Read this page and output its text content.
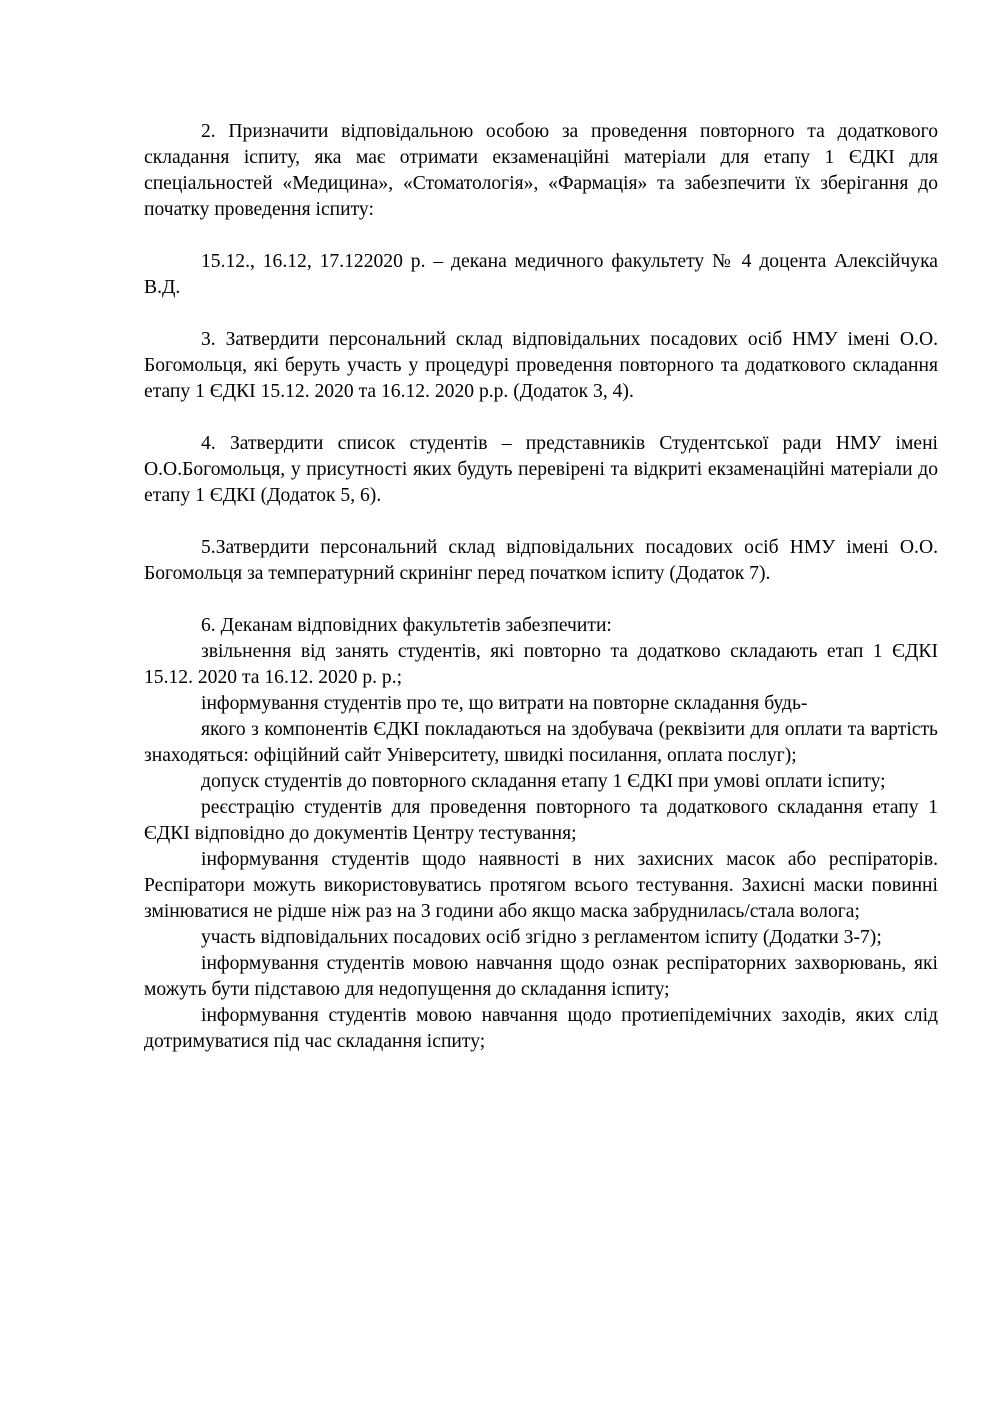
2. Призначити відповідальною особою за проведення повторного та додаткового складання іспиту, яка має отримати екзаменаційні матеріали для етапу 1 ЄДКІ для спеціальностей «Медицина», «Стоматологія», «Фармація» та забезпечити їх зберігання до початку проведення іспиту:

15.12., 16.12, 17.122020 р. – декана медичного факультету № 4 доцента Алексійчука В.Д.

3. Затвердити персональний склад відповідальних посадових осіб НМУ імені О.О. Богомольця, які беруть участь у процедурі проведення повторного та додаткового складання етапу 1 ЄДКІ 15.12. 2020 та 16.12. 2020 р.р. (Додаток 3, 4).

4. Затвердити список студентів – представників Студентської ради НМУ імені О.О.Богомольця, у присутності яких будуть перевірені та відкриті екзаменаційні матеріали до етапу 1 ЄДКІ (Додаток 5, 6).

5.Затвердити персональний склад відповідальних посадових осіб НМУ імені О.О. Богомольця за температурний скринінг перед початком іспиту (Додаток 7).

6. Деканам відповідних факультетів забезпечити:

звільнення від занять студентів, які повторно та додатково складають етап 1 ЄДКІ 15.12. 2020 та 16.12. 2020 р. р.;

інформування студентів про те, що витрати на повторне складання будь-

якого з компонентів ЄДКІ покладаються на здобувача (реквізити для оплати та вартість знаходяться: офіційний сайт Університету, швидкі посилання, оплата послуг);

допуск студентів до повторного складання етапу 1 ЄДКІ при умові оплати іспиту;

реєстрацію студентів для проведення повторного та додаткового складання етапу 1 ЄДКІ відповідно до документів Центру тестування;

інформування студентів щодо наявності в них захисних масок або респіраторів. Респіратори можуть використовуватись протягом всього тестування. Захисні маски повинні змінюватися не рідше ніж раз на 3 години або якщо маска забруднилась/стала волога;

участь відповідальних посадових осіб згідно з регламентом іспиту (Додатки 3-7);

інформування студентів мовою навчання щодо ознак респіраторних захворювань, які можуть бути підставою для недопущення до складання іспиту;

інформування студентів мовою навчання щодо протиепідемічних заходів, яких слід дотримуватися під час складання іспиту;
